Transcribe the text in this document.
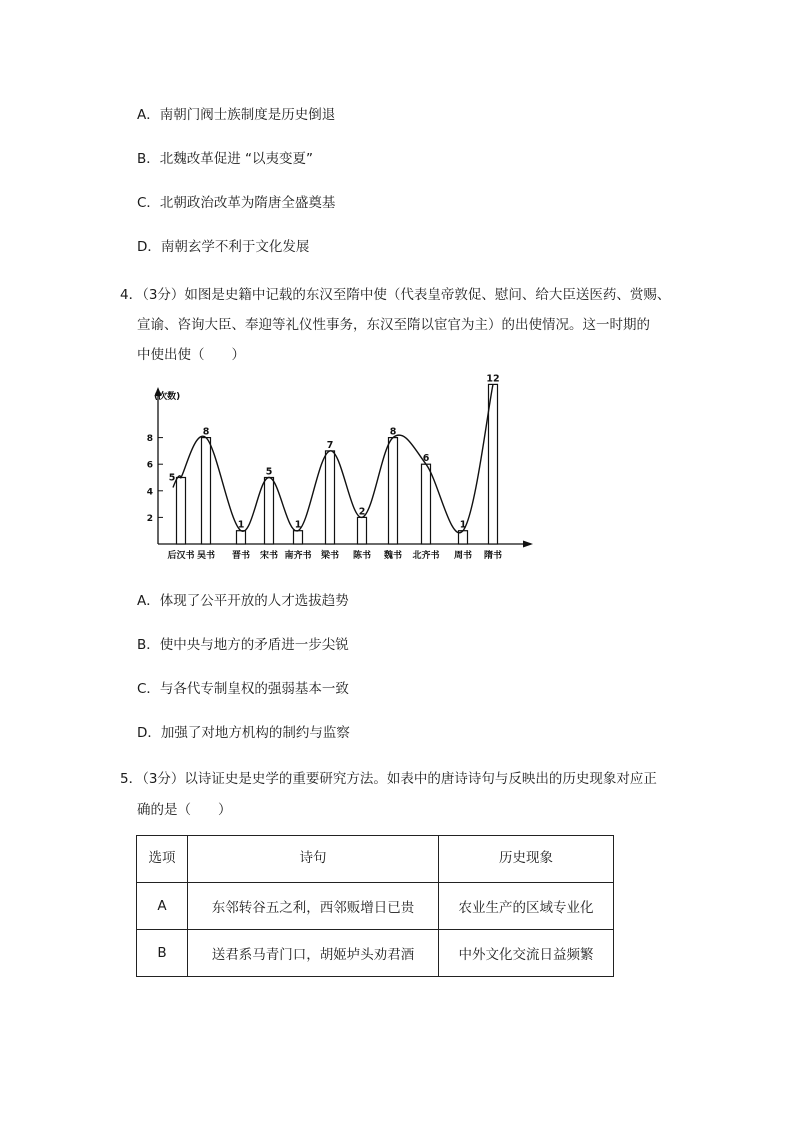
A．南朝门阀士族制度是历史倒退
B．北魏改革促进 “以夷变夏”
C．北朝政治改革为隋唐全盛奠基
D．南朝玄学不利于文化发展
4．（3分）如图是史籍中记载的东汉至隋中使（代表皇帝敦促、慰问、给大臣送医药、赏赐、
宣谕、咨询大臣、奉迎等礼仪性事务，东汉至隋以宦官为主）的出使情况。这一时期的
中使出使（　　）
(次数)
2
4
6
8
5
后汉书
8
吴书
1
晋书
5
宋书
1
南齐书
7
梁书
2
陈书
8
魏书
6
北齐书
1
周书
12
隋书
A．体现了公平开放的人才选拔趋势
B．使中央与地方的矛盾进一步尖锐
C．与各代专制皇权的强弱基本一致
D．加强了对地方机构的制约与监察
5．（3分）以诗证史是史学的重要研究方法。如表中的唐诗诗句与反映出的历史现象对应正
确的是（　　）
选项	诗句	历史现象
A	东邻转谷五之利，西邻贩增日已贵	农业生产的区域专业化
B	送君系马青门口，胡姬垆头劝君酒	中外文化交流日益频繁
